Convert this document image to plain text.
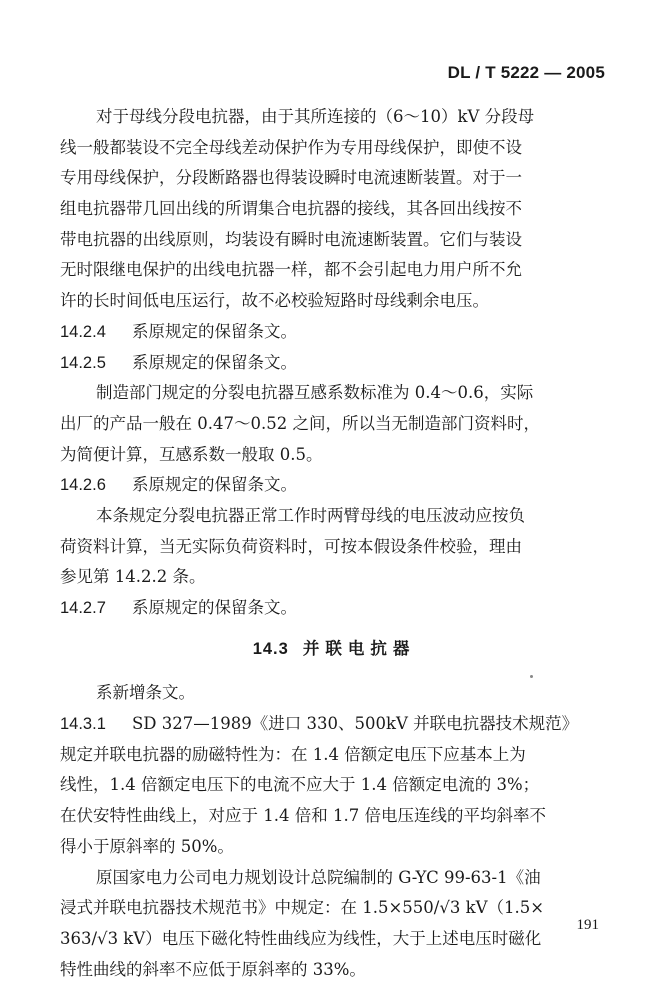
DL / T 5222 — 2005
对于母线分段电抗器，由于其所连接的（6～10）kV 分段母
线一般都装设不完全母线差动保护作为专用母线保护，即使不设
专用母线保护，分段断路器也得装设瞬时电流速断装置。对于一
组电抗器带几回出线的所谓集合电抗器的接线，其各回出线按不
带电抗器的出线原则，均装设有瞬时电流速断装置。它们与装设
无时限继电保护的出线电抗器一样，都不会引起电力用户所不允
许的长时间低电压运行，故不必校验短路时母线剩余电压。
14.2.4 系原规定的保留条文。
14.2.5 系原规定的保留条文。
制造部门规定的分裂电抗器互感系数标准为 0.4～0.6，实际
出厂的产品一般在 0.47～0.52 之间，所以当无制造部门资料时，
为简便计算，互感系数一般取 0.5。
14.2.6 系原规定的保留条文。
本条规定分裂电抗器正常工作时两臂母线的电压波动应按负
荷资料计算，当无实际负荷资料时，可按本假设条件校验，理由
参见第 14.2.2 条。
14.2.7 系原规定的保留条文。
14.3 并联电抗器
系新增条文。
14.3.1 SD 327—1989《进口 330、500kV 并联电抗器技术规范》
规定并联电抗器的励磁特性为：在 1.4 倍额定电压下应基本上为
线性，1.4 倍额定电压下的电流不应大于 1.4 倍额定电流的 3%；
在伏安特性曲线上，对应于 1.4 倍和 1.7 倍电压连线的平均斜率不
得小于原斜率的 50%。
原国家电力公司电力规划设计总院编制的 G-YC 99-63-1《油
浸式并联电抗器技术规范书》中规定：在 1.5×550/√3 kV（1.5×
363/√3 kV）电压下磁化特性曲线应为线性，大于上述电压时磁化
特性曲线的斜率不应低于原斜率的 33%。
191
